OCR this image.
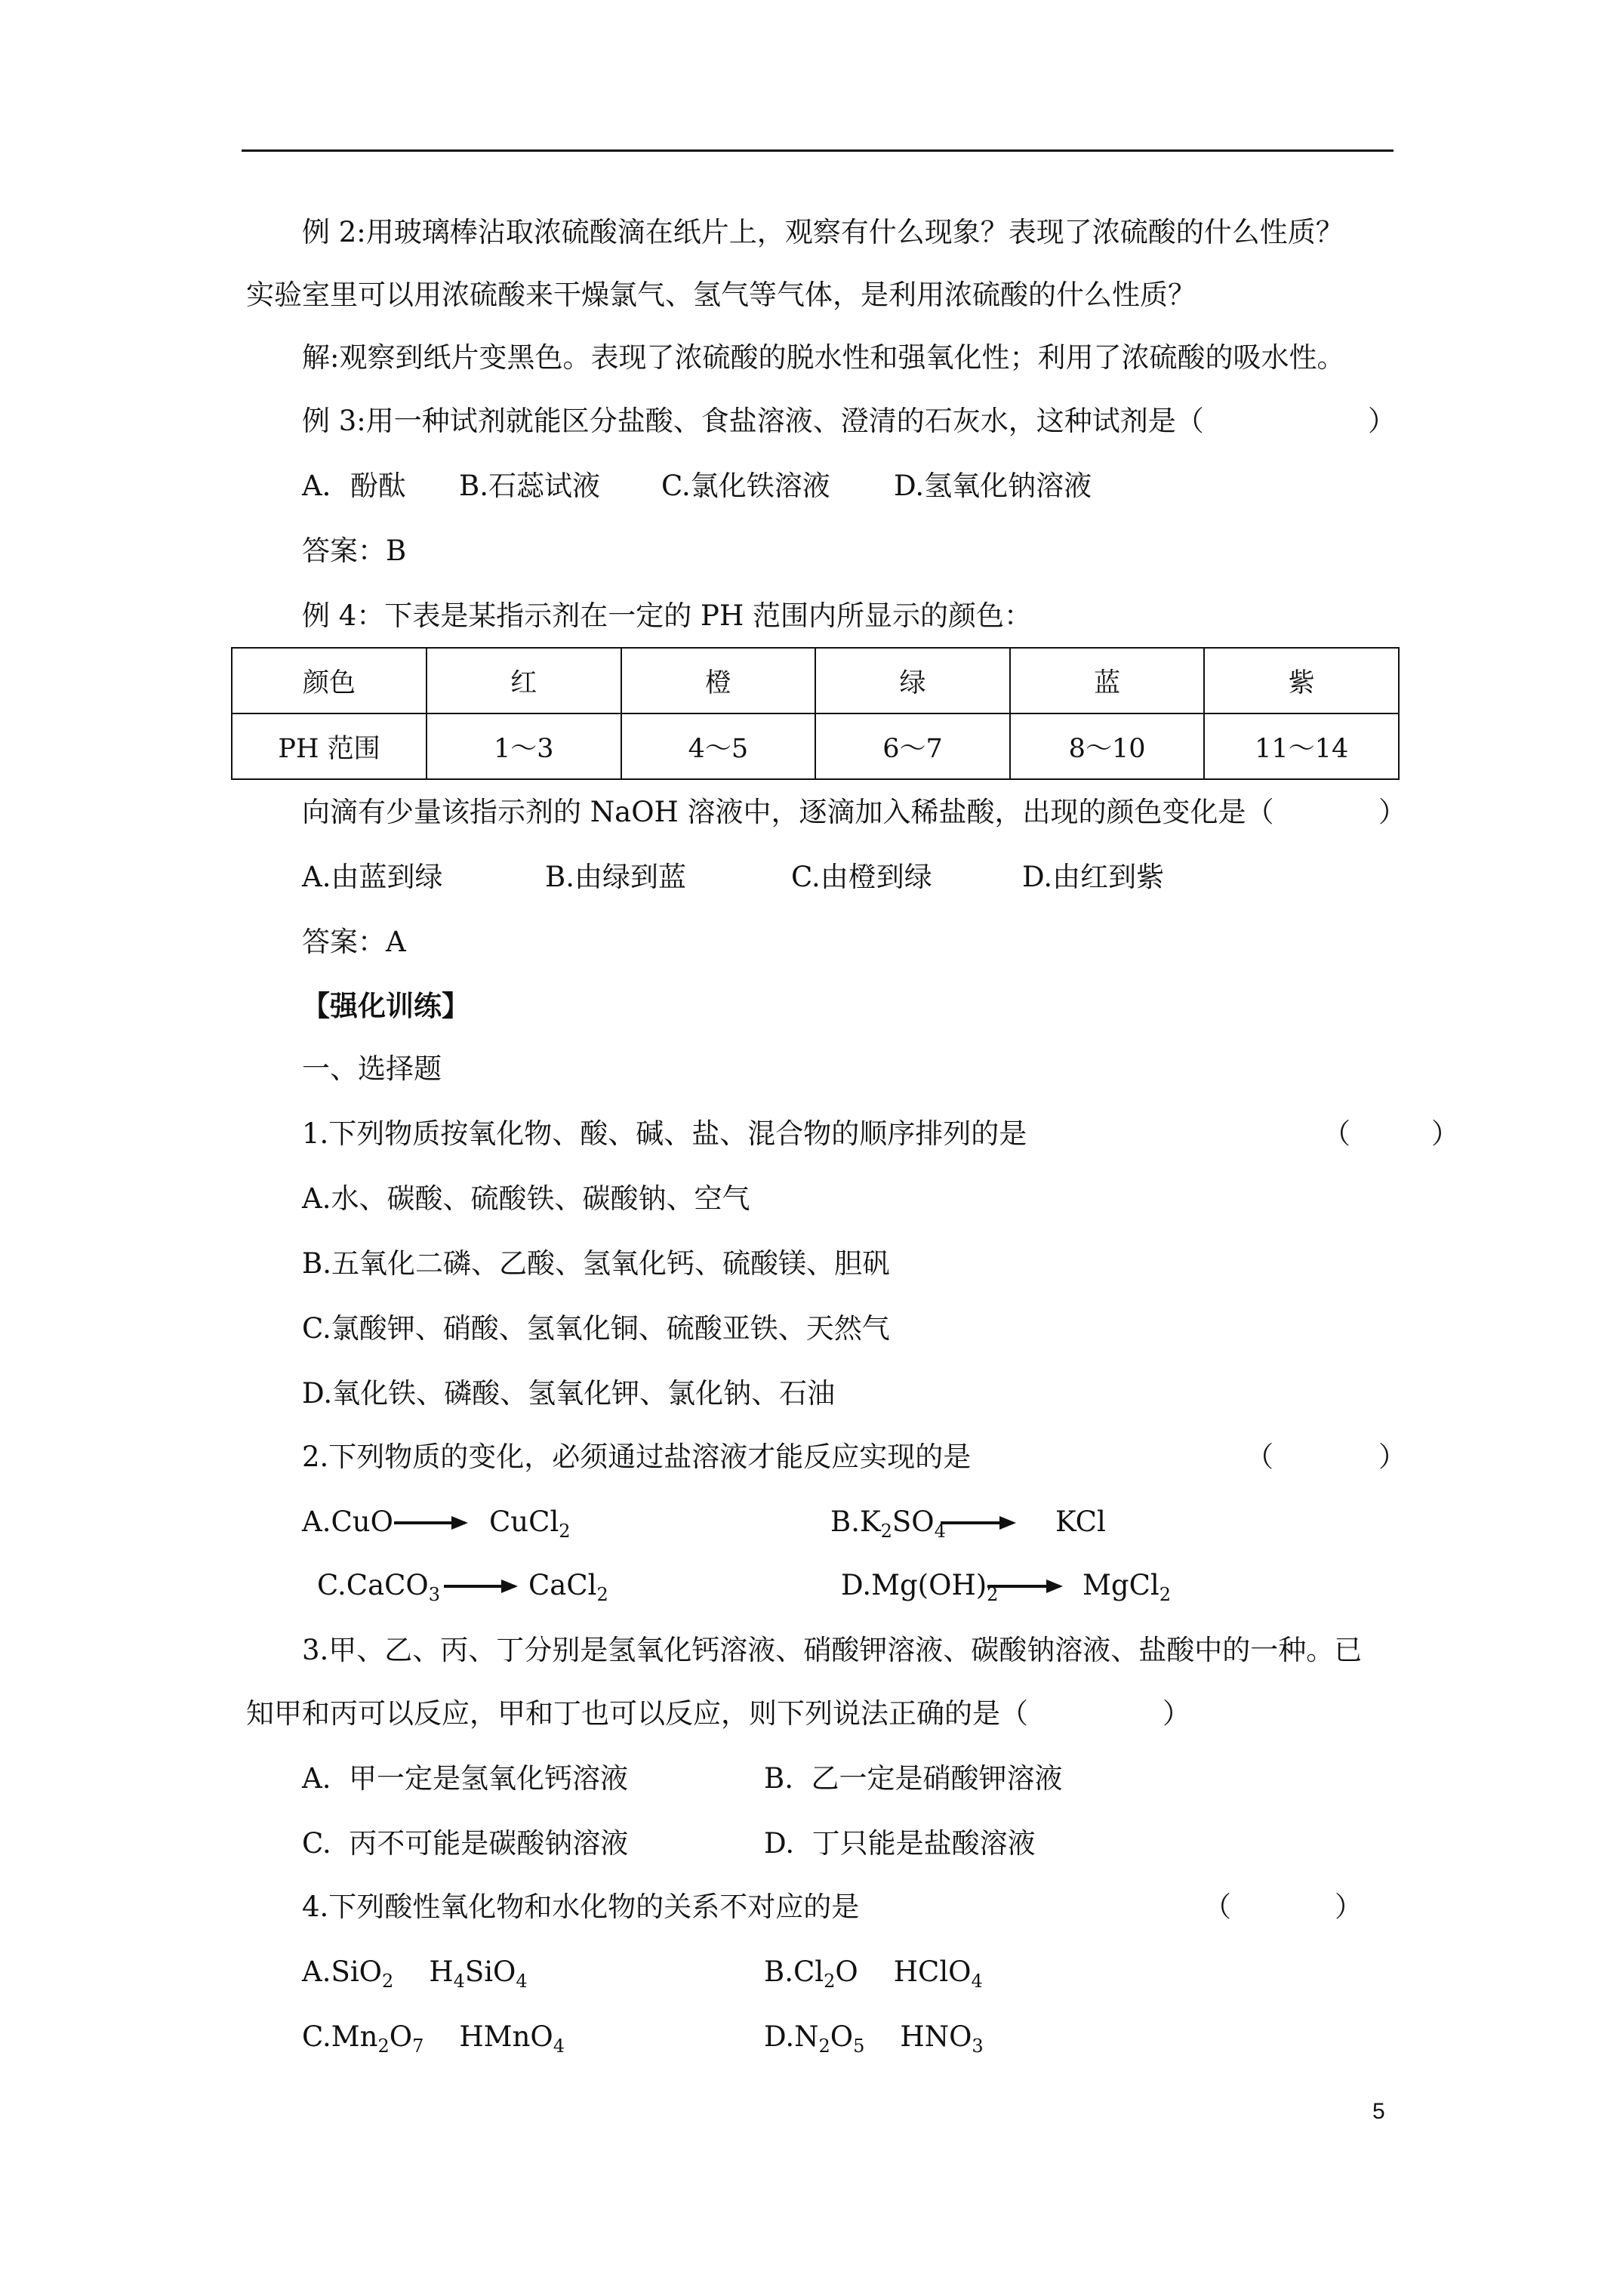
例 2:用玻璃棒沾取浓硫酸滴在纸片上，观察有什么现象？表现了浓硫酸的什么性质？
实验室里可以用浓硫酸来干燥氯气、氢气等气体，是利用浓硫酸的什么性质？
解:观察到纸片变黑色。表现了浓硫酸的脱水性和强氧化性；利用了浓硫酸的吸水性。
例 3:用一种试剂就能区分盐酸、食盐溶液、澄清的石灰水，这种试剂是（	）
A．酚酞 B.石蕊试液 C.氯化铁溶液 D.氢氧化钠溶液
答案：B
例 4：下表是某指示剂在一定的 PH 范围内所显示的颜色：
颜色	红	橙	绿	蓝	紫
PH 范围	1～3	4～5	6～7	8～10	11～14
向滴有少量该指示剂的 NaOH 溶液中，逐滴加入稀盐酸，出现的颜色变化是（	）
A.由蓝到绿	B.由绿到蓝	C.由橙到绿	D.由红到紫
答案：A
【强化训练】
一、选择题
1.下列物质按氧化物、酸、碱、盐、混合物的顺序排列的是	（	）
A.水、碳酸、硫酸铁、碳酸钠、空气
B.五氧化二磷、乙酸、氢氧化钙、硫酸镁、胆矾
C.氯酸钾、硝酸、氢氧化铜、硫酸亚铁、天然气
D.氧化铁、磷酸、氢氧化钾、氯化钠、石油
2.下列物质的变化，必须通过盐溶液才能反应实现的是	（	）
A.CuO	CuCl$_2$	$B.K_2SO_4$	KCl
C.CaCO$_3$	CaCl$_2$	$D.Mg(OH)_2$	MgCl$_2$
3.甲、乙、丙、丁分别是氢氧化钙溶液、硝酸钾溶液、碳酸钠溶液、盐酸中的一种。已
知甲和丙可以反应，甲和丁也可以反应，则下列说法正确的是（	）
A.  甲一定是氢氧化钙溶液	B.  乙一定是硝酸钾溶液
C.  丙不可能是碳酸钠溶液	D.  丁只能是盐酸溶液
4.下列酸性氧化物和水化物的关系不对应的是	（	）
A.SiO$_2$    $H_4SiO_4$	$B.Cl_2O$    HClO$_4$
$C.Mn_2O_7$    HMnO$_4$	$D.N_2O_5$    $HNO_3$
5
